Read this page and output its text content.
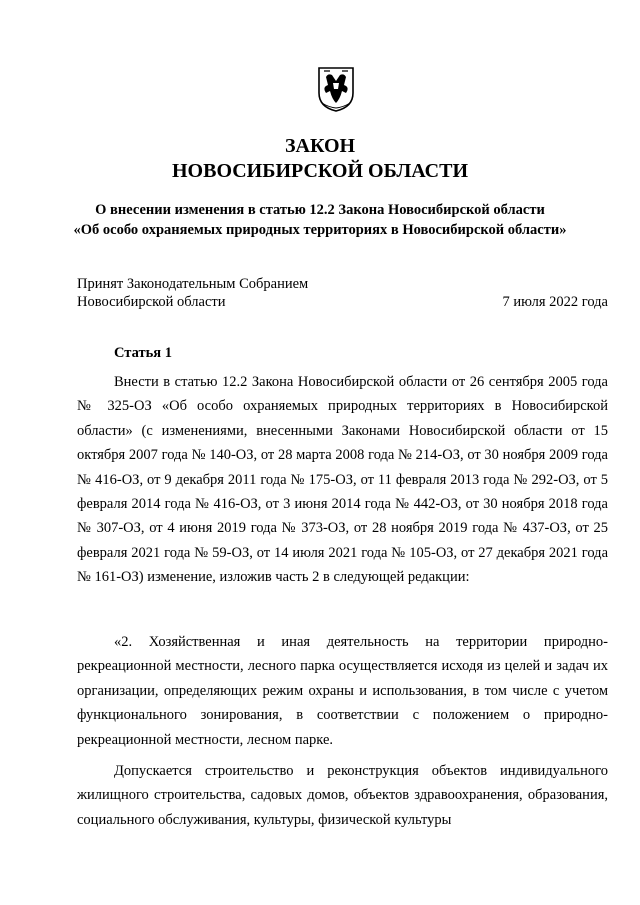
ЗАКОН
НОВОСИБИРСКОЙ ОБЛАСТИ
О внесении изменения в статью 12.2 Закона Новосибирской области
«Об особо охраняемых природных территориях в Новосибирской области»
Принят Законодательным Собранием
Новосибирской области	7 июля 2022 года
Статья 1
Внести в статью 12.2 Закона Новосибирской области от 26 сентября 2005 года № 325-ОЗ «Об особо охраняемых природных территориях в Новосибирской области» (с изменениями, внесенными Законами Новосибирской области от 15 октября 2007 года № 140-ОЗ, от 28 марта 2008 года № 214-ОЗ, от 30 ноября 2009 года № 416-ОЗ, от 9 декабря 2011 года № 175-ОЗ, от 11 февраля 2013 года № 292-ОЗ, от 5 февраля 2014 года № 416-ОЗ, от 3 июня 2014 года № 442-ОЗ, от 30 ноября 2018 года № 307-ОЗ, от 4 июня 2019 года № 373-ОЗ, от 28 ноября 2019 года № 437-ОЗ, от 25 февраля 2021 года № 59-ОЗ, от 14 июля 2021 года № 105-ОЗ, от 27 декабря 2021 года № 161-ОЗ) изменение, изложив часть 2 в следующей редакции:
«2. Хозяйственная и иная деятельность на территории природно-рекреационной местности, лесного парка осуществляется исходя из целей и задач их организации, определяющих режим охраны и использования, в том числе с учетом функционального зонирования, в соответствии с положением о природно-рекреационной местности, лесном парке.
Допускается строительство и реконструкция объектов индивидуального жилищного строительства, садовых домов, объектов здравоохранения, образования, социального обслуживания, культуры, физической культуры
